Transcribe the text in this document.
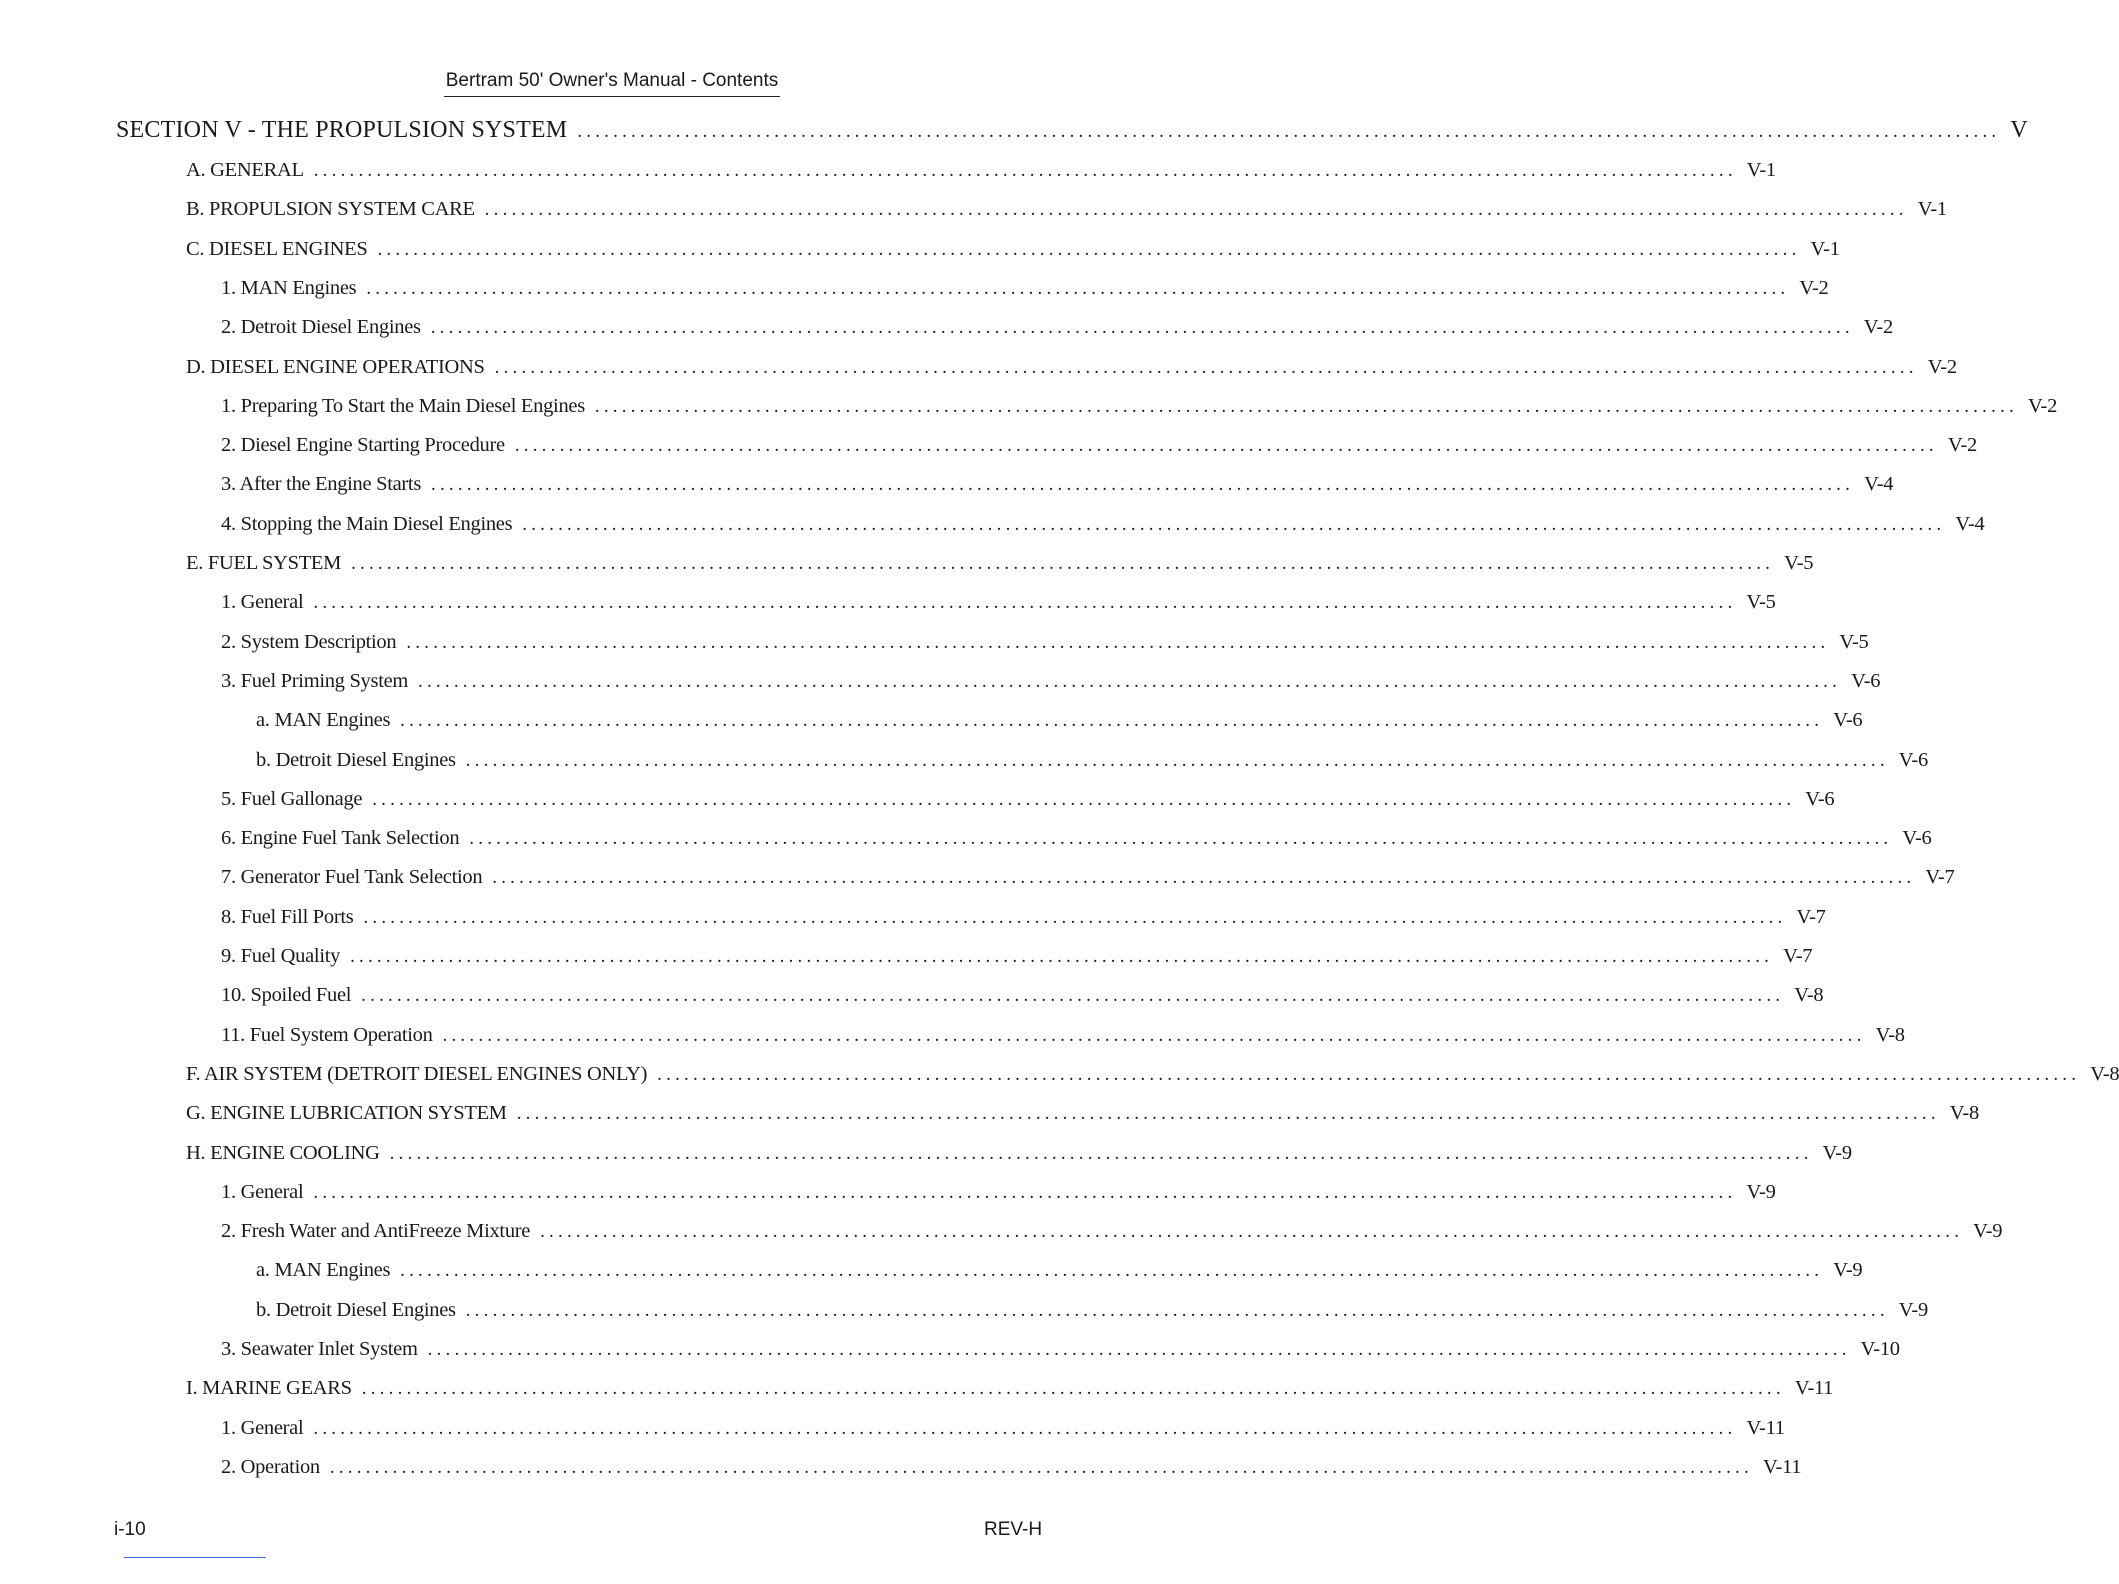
Bertram 50' Owner's Manual - Contents
SECTION V - THE PROPULSION SYSTEM ............................................................................................................................................................... V
A. GENERAL ............................................................................................................................................................... V-1
B. PROPULSION SYSTEM CARE ............................................................................................................................................................... V-1
C. DIESEL ENGINES ............................................................................................................................................................... V-1
1. MAN Engines ............................................................................................................................................................... V-2
2. Detroit Diesel Engines ............................................................................................................................................................... V-2
D. DIESEL ENGINE OPERATIONS ............................................................................................................................................................... V-2
1. Preparing To Start the Main Diesel Engines ............................................................................................................................................................... V-2
2. Diesel Engine Starting Procedure ............................................................................................................................................................... V-2
3. After the Engine Starts ............................................................................................................................................................... V-4
4. Stopping the Main Diesel Engines ............................................................................................................................................................... V-4
E. FUEL SYSTEM ............................................................................................................................................................... V-5
1. General ............................................................................................................................................................... V-5
2. System Description ............................................................................................................................................................... V-5
3. Fuel Priming System ............................................................................................................................................................... V-6
a. MAN Engines ............................................................................................................................................................... V-6
b. Detroit Diesel Engines ............................................................................................................................................................... V-6
5. Fuel Gallonage ............................................................................................................................................................... V-6
6. Engine Fuel Tank Selection ............................................................................................................................................................... V-6
7. Generator Fuel Tank Selection ............................................................................................................................................................... V-7
8. Fuel Fill Ports ............................................................................................................................................................... V-7
9. Fuel Quality ............................................................................................................................................................... V-7
10. Spoiled Fuel ............................................................................................................................................................... V-8
11. Fuel System Operation ............................................................................................................................................................... V-8
F. AIR SYSTEM (DETROIT DIESEL ENGINES ONLY) ............................................................................................................................................................... V-8
G. ENGINE LUBRICATION SYSTEM ............................................................................................................................................................... V-8
H. ENGINE COOLING ............................................................................................................................................................... V-9
1. General ............................................................................................................................................................... V-9
2. Fresh Water and AntiFreeze Mixture ............................................................................................................................................................... V-9
a. MAN Engines ............................................................................................................................................................... V-9
b. Detroit Diesel Engines ............................................................................................................................................................... V-9
3. Seawater Inlet System ............................................................................................................................................................... V-10
I. MARINE GEARS ............................................................................................................................................................... V-11
1. General ............................................................................................................................................................... V-11
2. Operation ............................................................................................................................................................... V-11
i-10	REV-H
